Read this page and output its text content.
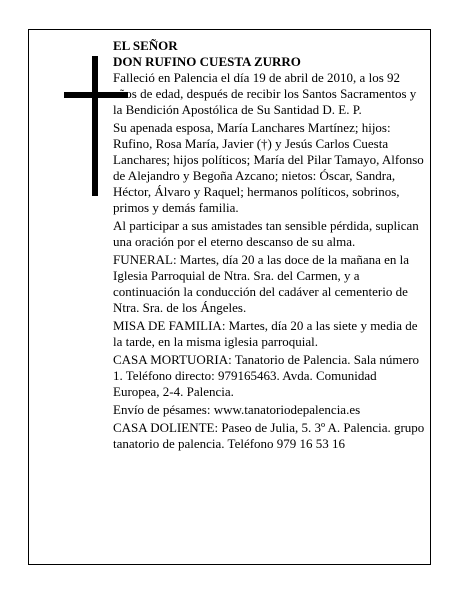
EL SEÑOR
DON RUFINO CUESTA ZURRO

Falleció en Palencia el día 19 de abril de 2010, a los 92 años de edad, después de recibir los Santos Sacramentos y la Bendición Apostólica de Su Santidad D. E. P.

Su apenada esposa, María Lanchares Martínez; hijos: Rufino, Rosa María, Javier (†) y Jesús Carlos Cuesta Lanchares; hijos políticos; María del Pilar Tamayo, Alfonso de Alejandro y Begoña Azcano; nietos: Óscar, Sandra, Héctor, Álvaro y Raquel; hermanos políticos, sobrinos, primos y demás familia.

Al participar a sus amistades tan sensible pérdida, suplican una oración por el eterno descanso de su alma.

FUNERAL: Martes, día 20 a las doce de la mañana en la Iglesia Parroquial de Ntra. Sra. del Carmen, y a continuación la conducción del cadáver al cementerio de Ntra. Sra. de los Ángeles.

MISA DE FAMILIA: Martes, día 20 a las siete y media de la tarde, en la misma iglesia parroquial.

CASA MORTUORIA: Tanatorio de Palencia. Sala número 1. Teléfono directo: 979165463. Avda. Comunidad Europea, 2-4. Palencia.

Envío de pésames: www.tanatoriodepalencia.es

CASA DOLIENTE: Paseo de Julia, 5. 3º A. Palencia. grupo tanatorio de palencia. Teléfono 979 16 53 16
